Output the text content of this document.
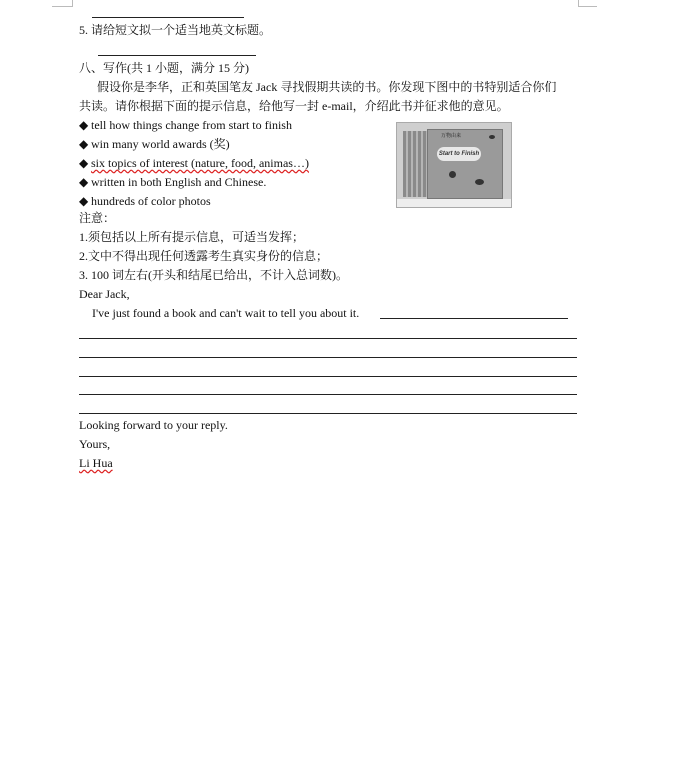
5. 请给短文拟一个适当地英文标题。
八、写作(共 1 小题，满分 15 分)
假设你是李华，正和英国笔友 Jack 寻找假期共读的书。你发现下图中的书特别适合你们
共读。请你根据下面的提示信息，给他写一封 e-mail，介绍此书并征求他的意见。
◆ tell how things change from start to finish
◆ win many world awards (奖)
◆ six topics of interest (nature, food, animas…)
◆ written in both English and Chinese.
◆ hundreds of color photos
万物由来
Start to Finish
注意：
1.须包括以上所有提示信息，可适当发挥；
2.文中不得出现任何透露考生真实身份的信息；
3. 100 词左右(开头和结尾已给出，不计入总词数)。
Dear Jack,
I've just found a book and can't wait to tell you about it.
Looking forward to your reply.
Yours,
Li Hua
